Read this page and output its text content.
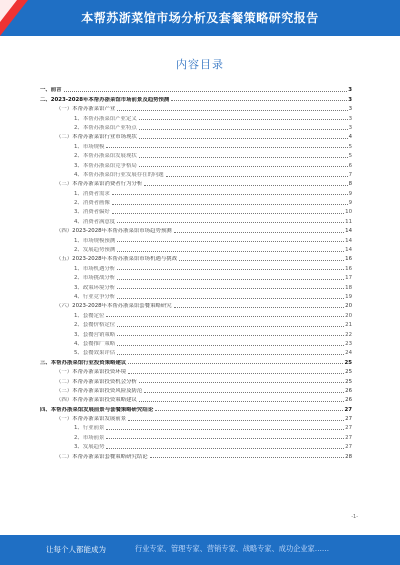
本帮苏浙菜馆市场分析及套餐策略研究报告
内容目录
一、前言	3
二、2023-2028年本帮苏浙菜馆市场前景及趋势预测	3
（一）本帮苏浙菜馆产业	3
1、本帮苏浙菜馆产业定义	3
2、本帮苏浙菜馆产业特点	3
（二）本帮苏浙菜馆行业市场现状	4
1、市场规模	5
2、本帮苏浙菜馆发展现状	5
3、本帮苏浙菜馆竞争格局	6
4、本帮苏浙菜馆行业发展存在的问题	7
（三）本帮苏浙菜馆消费者行为分析	8
1、消费者需求	9
2、消费者画像	9
3、消费者偏好	10
4、消费者满意度	11
（四）2023-2028年本帮苏浙菜馆市场趋势预测	14
1、市场规模预测	14
2、发展趋势预测	14
（五）2023-2028年本帮苏浙菜馆市场机遇与挑战	16
1、市场机遇分析	16
2、市场挑战分析	17
3、政策环境分析	18
4、行业竞争分析	19
（六）2023-2028年本帮苏浙菜馆套餐策略研究	20
1、套餐定位	20
2、套餐价格定位	21
3、套餐营销策略	22
4、套餐推广策略	23
5、套餐效果评估	24
三、本帮苏浙菜馆行业投资策略建议	25
（一）本帮苏浙菜馆投资环境	25
（二）本帮苏浙菜馆投资机会分析	25
（三）本帮苏浙菜馆投资风险及防范	26
（四）本帮苏浙菜馆投资策略建议	26
四、本帮苏浙菜馆发展前景与套餐策略研究结论	27
（一）本帮苏浙菜馆发展前景	27
1、行业前景	27
2、市场前景	27
3、发展趋势	27
（二）本帮苏浙菜馆套餐策略研究结论	28
-1-
让每个人都能成为	行业专家、管理专家、营销专家、战略专家、成功企业家……
